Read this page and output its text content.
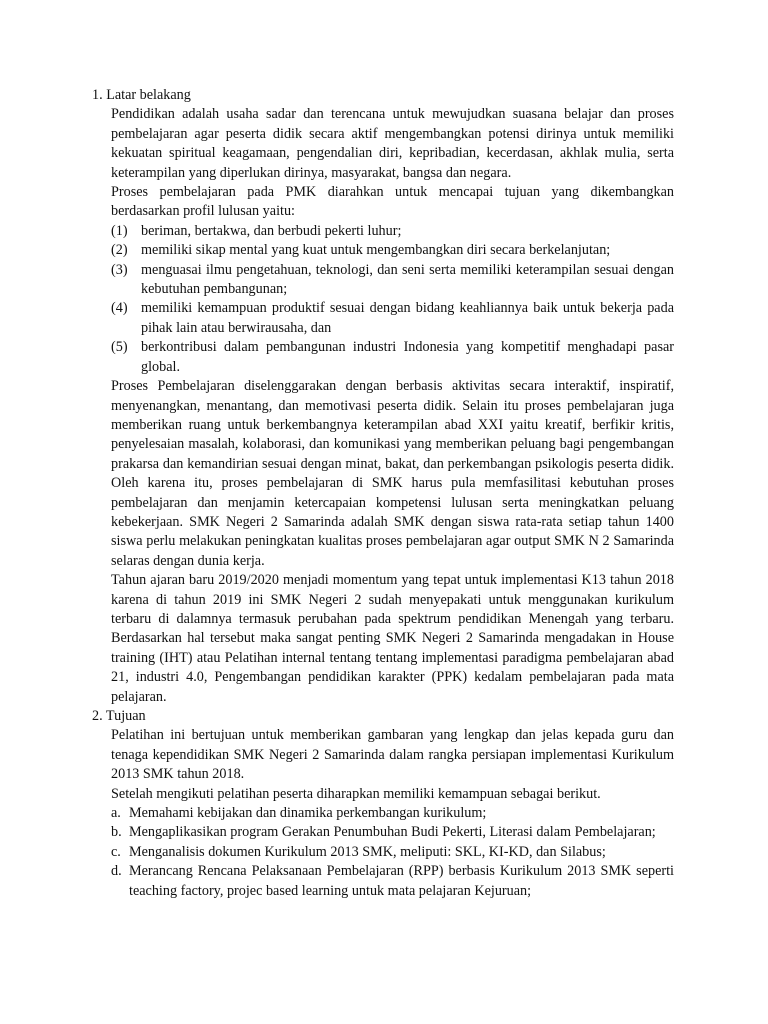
1. Latar belakang

Pendidikan adalah usaha sadar dan terencana untuk mewujudkan suasana belajar dan proses pembelajaran agar peserta didik secara aktif mengembangkan potensi dirinya untuk memiliki kekuatan spiritual keagamaan, pengendalian diri, kepribadian, kecerdasan, akhlak mulia, serta keterampilan yang diperlukan dirinya, masyarakat, bangsa dan negara.

Proses pembelajaran pada PMK diarahkan untuk mencapai tujuan yang dikembangkan berdasarkan profil lulusan yaitu:

(1) beriman, bertakwa, dan berbudi pekerti luhur;
(2) memiliki sikap mental yang kuat untuk mengembangkan diri secara berkelanjutan;
(3) menguasai ilmu pengetahuan, teknologi, dan seni serta memiliki keterampilan sesuai dengan kebutuhan pembangunan;
(4) memiliki kemampuan produktif sesuai dengan bidang keahliannya baik untuk bekerja pada pihak lain atau berwirausaha, dan
(5) berkontribusi dalam pembangunan industri Indonesia yang kompetitif menghadapi pasar global.

Proses Pembelajaran diselenggarakan dengan berbasis aktivitas secara interaktif, inspiratif, menyenangkan, menantang, dan memotivasi peserta didik. Selain itu proses pembelajaran juga memberikan ruang untuk berkembangnya keterampilan abad XXI yaitu kreatif, berfikir kritis, penyelesaian masalah, kolaborasi, dan komunikasi yang memberikan peluang bagi pengembangan prakarsa dan kemandirian sesuai dengan minat, bakat, dan perkembangan psikologis peserta didik. Oleh karena itu, proses pembelajaran di SMK harus pula memfasilitasi kebutuhan proses pembelajaran dan menjamin ketercapaian kompetensi lulusan serta meningkatkan peluang kebekerjaan. SMK Negeri 2 Samarinda adalah SMK dengan siswa rata-rata setiap tahun 1400 siswa perlu melakukan peningkatan kualitas proses pembelajaran agar output SMK N 2 Samarinda selaras dengan dunia kerja.

Tahun ajaran baru 2019/2020 menjadi momentum yang tepat untuk implementasi K13 tahun 2018 karena di tahun 2019 ini SMK Negeri 2 sudah menyepakati untuk menggunakan kurikulum terbaru di dalamnya termasuk perubahan pada spektrum pendidikan Menengah yang terbaru. Berdasarkan hal tersebut maka sangat penting SMK Negeri 2 Samarinda mengadakan in House training (IHT) atau Pelatihan internal tentang tentang implementasi paradigma pembelajaran abad 21, industri 4.0, Pengembangan pendidikan karakter (PPK) kedalam pembelajaran pada mata pelajaran.

2. Tujuan

Pelatihan ini bertujuan untuk memberikan gambaran yang lengkap dan jelas kepada guru dan tenaga kependidikan SMK Negeri 2 Samarinda dalam rangka persiapan implementasi Kurikulum 2013 SMK tahun 2018.

Setelah mengikuti pelatihan peserta diharapkan memiliki kemampuan sebagai berikut.

a. Memahami kebijakan dan dinamika perkembangan kurikulum;
b. Mengaplikasikan program Gerakan Penumbuhan Budi Pekerti, Literasi dalam Pembelajaran;
c. Menganalisis dokumen Kurikulum 2013 SMK, meliputi: SKL, KI-KD, dan Silabus;
d. Merancang Rencana Pelaksanaan Pembelajaran (RPP) berbasis Kurikulum 2013 SMK seperti teaching factory, projec based learning untuk mata pelajaran Kejuruan;
